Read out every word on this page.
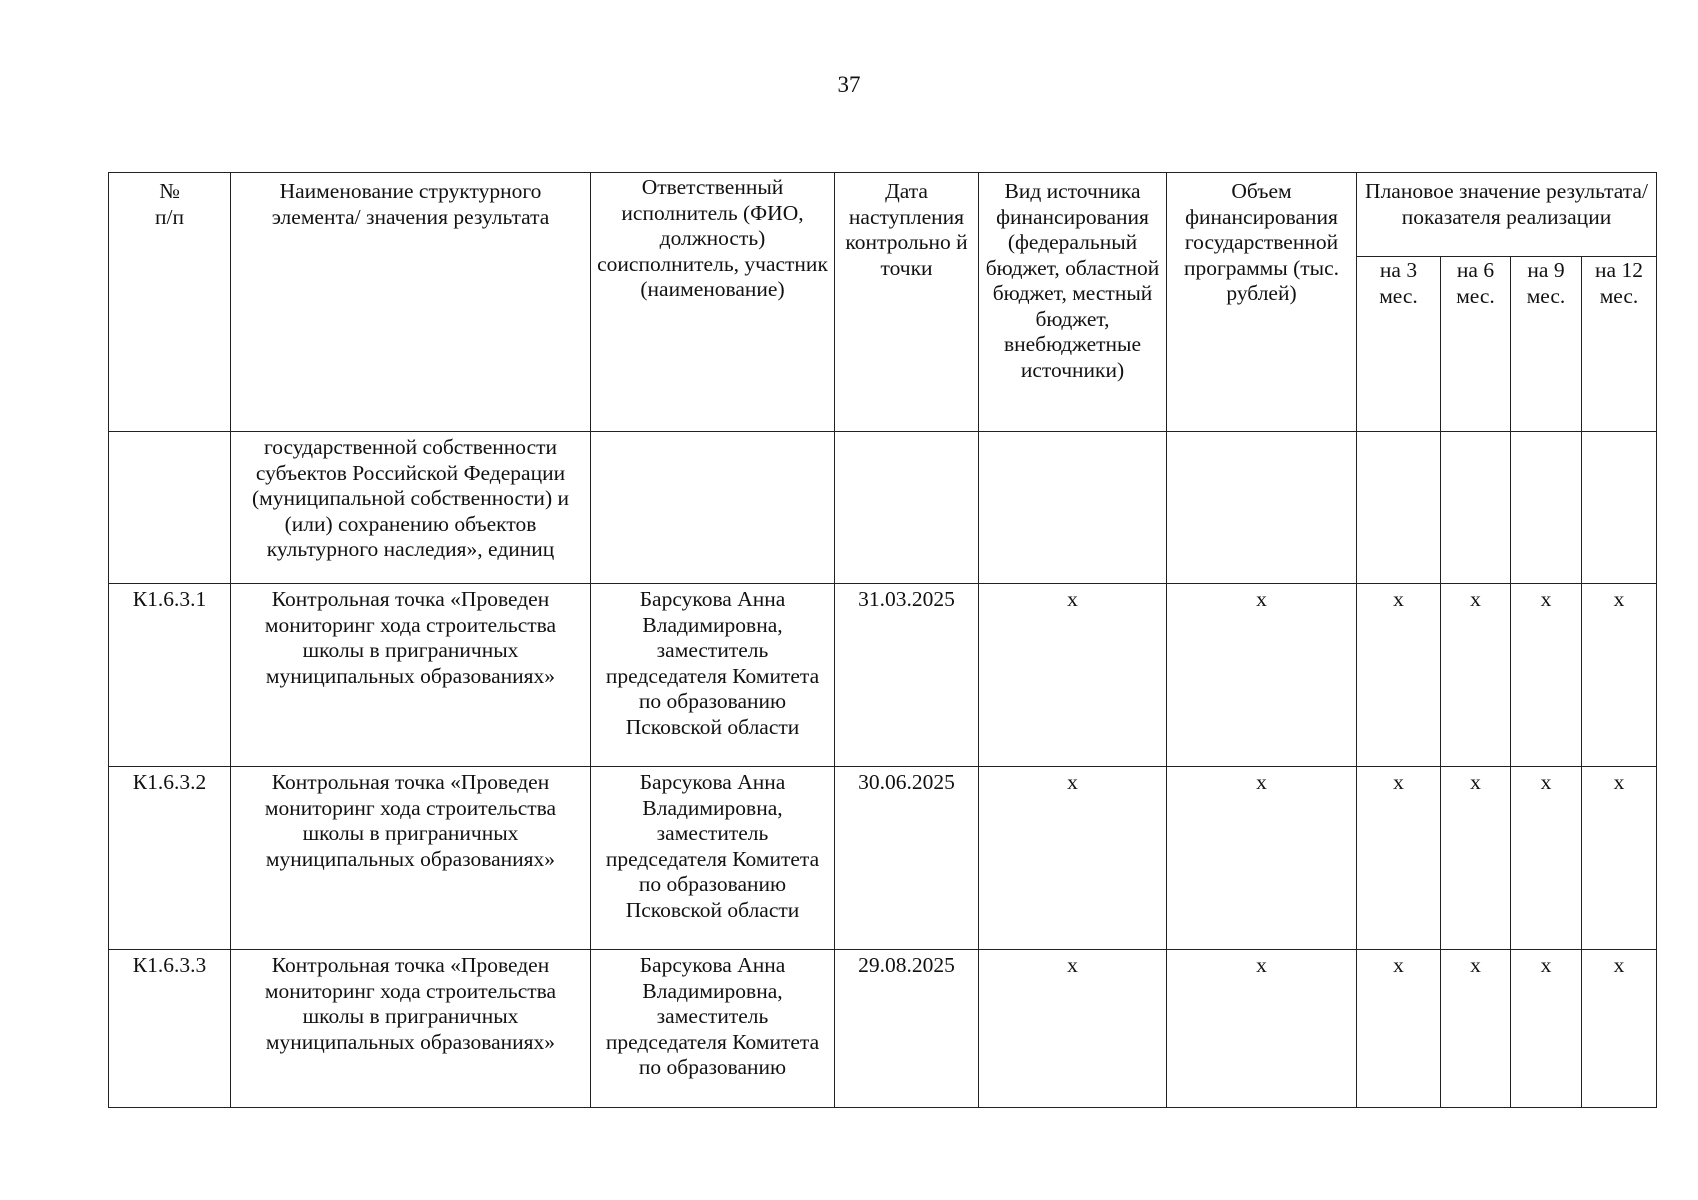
37
№
п/п	Наименование структурного элемента/ значения результата	Ответственный исполнитель (ФИО, должность) соисполнитель, участник (наименование)	Дата наступления контрольно й точки	Вид источника финансирования (федеральный бюджет, областной бюджет, местный бюджет, внебюджетные источники)	Объем финансирования государственной программы (тыс. рублей)	Плановое значение результата/показателя реализации			
						на 3 мес.	на 6 мес.	на 9 мес.	на 12 мес.
	государственной собственности субъектов Российской Федерации (муниципальной собственности) и (или) сохранению объектов культурного наследия», единиц								
К1.6.3.1	Контрольная точка «Проведен мониторинг хода строительства школы в приграничных муниципальных образованиях»	Барсукова Анна Владимировна, заместитель председателя Комитета по образованию Псковской области	31.03.2025	x	x	x	x	x	x
К1.6.3.2	Контрольная точка «Проведен мониторинг хода строительства школы в приграничных муниципальных образованиях»	Барсукова Анна Владимировна, заместитель председателя Комитета по образованию Псковской области	30.06.2025	x	x	x	x	x	x
К1.6.3.3	Контрольная точка «Проведен мониторинг хода строительства школы в приграничных муниципальных образованиях»	Барсукова Анна Владимировна, заместитель председателя Комитета по образованию	29.08.2025	x	x	x	x	x	x
